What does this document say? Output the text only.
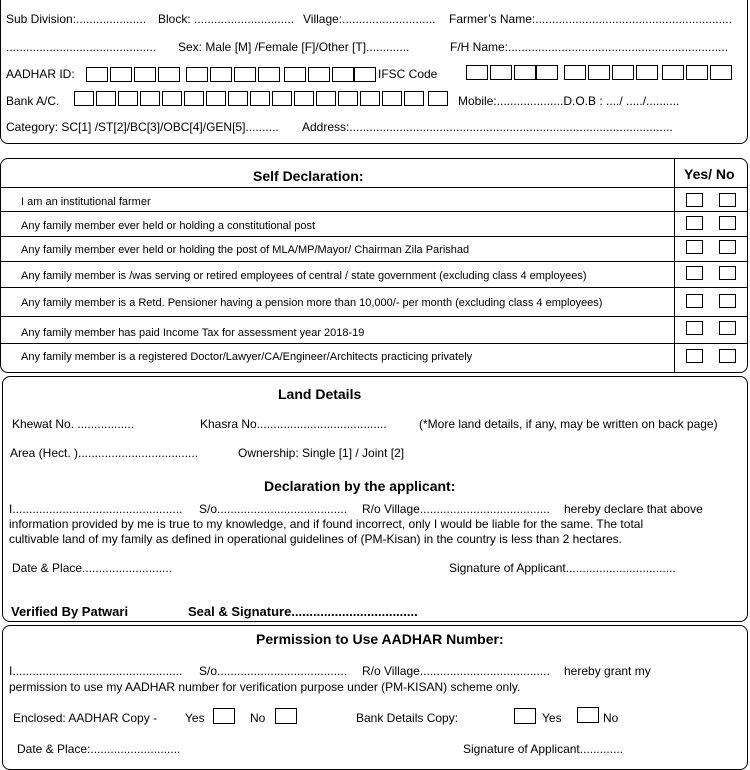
Sub Division:..................... Block: .............................. Village:............................ Farmer’s Name:...........................................................
............................................. Sex: Male [M] /Female [F]/Other [T].............	F/H Name:..................................................................
AADHAR ID:	IFSC Code
Bank A/C.	Mobile:....................D.O.B : ..../ ...../..........
Category: SC[1] /ST[2]/BC[3]/OBC[4]/GEN[5].......... Address:.................................................................................................
Self Declaration:	Yes/ No
I am an institutional farmer
Any family member ever held or holding a constitutional post
Any family member ever held or holding the post of MLA/MP/Mayor/ Chairman Zila Parishad
Any family member is /was serving or retired employees of central / state government (excluding class 4 employees)
Any family member is a Retd. Pensioner having a pension more than 10,000/- per month (excluding class 4 employees)
Any family member has paid Income Tax for assessment year 2018-19
Any family member is a registered Doctor/Lawyer/CA/Engineer/Architects practicing privately
Land Details
Khewat No. .................	Khasra No.......................................	(*More land details, if any, may be written on back page)
Area (Hect. )....................................	Ownership: Single [1] / Joint [2]
Declaration by the applicant:
I................................................... S/o....................................... R/o Village....................................... hereby declare that above
information provided by me is true to my knowledge, and if found incorrect, only I would be liable for the same. The total
cultivable land of my family as defined in operational guidelines of (PM-Kisan) in the country is less than 2 hectares.
Date & Place...........................	Signature of Applicant.................................
Verified By Patwari	Seal & Signature...................................
Permission to Use AADHAR Number:
I................................................... S/o....................................... R/o Village....................................... hereby grant my
permission to use my AADHAR number for verification purpose under (PM-KISAN) scheme only.
Enclosed: AADHAR Copy - Yes	No	Bank Details Copy:	Yes	No
Date & Place:...........................	Signature of Applicant.............
